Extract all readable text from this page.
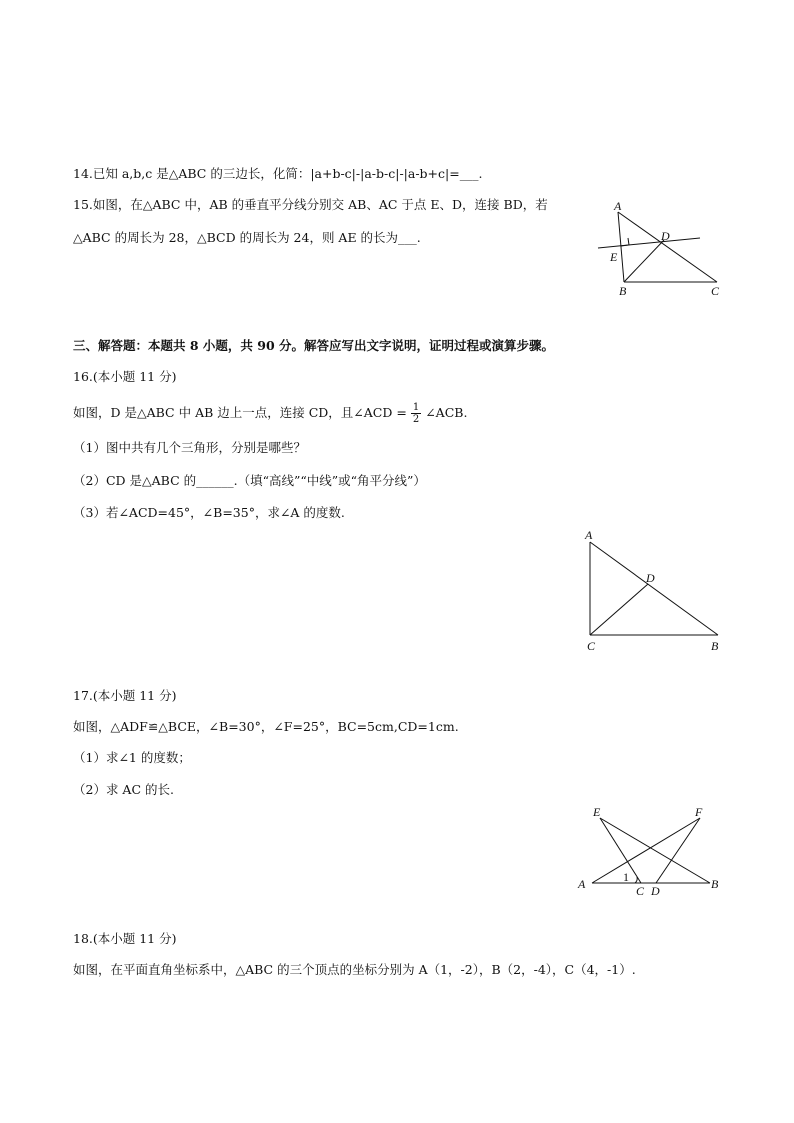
14.已知 a,b,c 是△ABC 的三边长，化简：|a+b-c|-|a-b-c|-|a-b+c|=___.
15.如图，在△ABC 中，AB 的垂直平分线分别交 AB、AC 于点 E、D，连接 BD，若
△ABC 的周长为 28，△BCD 的周长为 24，则 AE 的长为___.
A
D
E
B	C
三、解答题：本题共 8 小题，共 90 分。解答应写出文字说明，证明过程或演算步骤。
16.(本小题 11 分)
如图，D 是△ABC 中 AB 边上一点，连接 CD，且∠ACD = $\frac{1}{2}$ ∠ACB.
（1）图中共有几个三角形，分别是哪些？
（2）CD 是△ABC 的______.（填“高线”“中线”或“角平分线”）
（3）若∠ACD=45°，∠B=35°，求∠A 的度数.
A
D
C	B
17.(本小题 11 分)
如图，△ADF≌△BCE，∠B=30°，∠F=25°，BC=5cm,CD=1cm.
（1）求∠1 的度数；
（2）求 AC 的长.
E	F
A	1
C D	B
18.(本小题 11 分)
如图，在平面直角坐标系中，△ABC 的三个顶点的坐标分别为 A（1，-2），B（2，-4），C（4，-1）.
